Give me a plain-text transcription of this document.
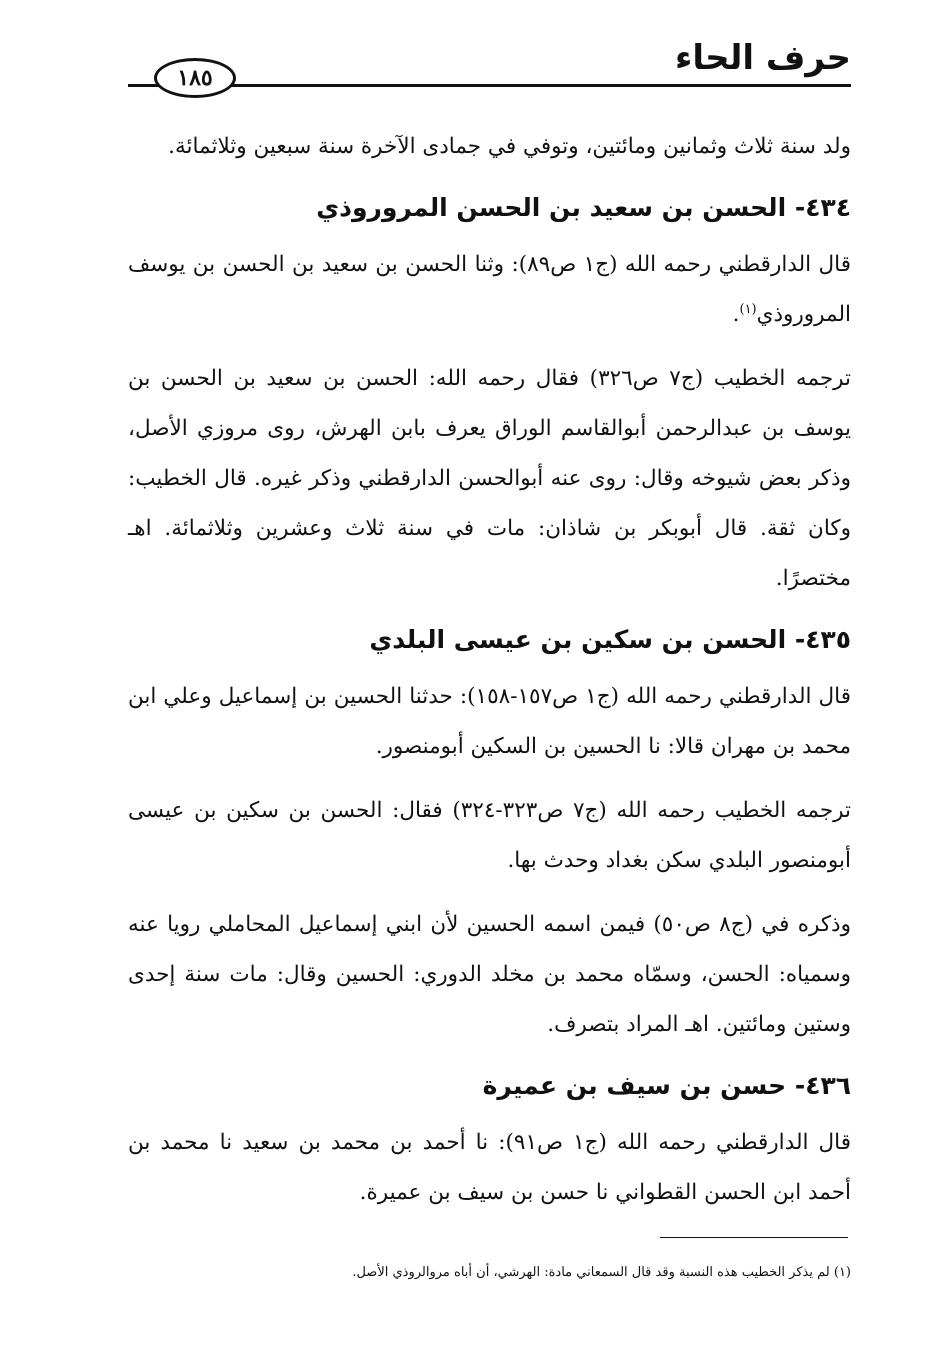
حرف الحاء
١٨٥

ولد سنة ثلاث وثمانين ومائتين، وتوفي في جمادى الآخرة سنة سبعين وثلاثمائة.

٤٣٤- الحسن بن سعيد بن الحسن المروروذي

قال الدارقطني رحمه الله (ج١ ص٨٩): وثنا الحسن بن سعيد بن الحسن بن يوسف المروروذي$^{(١)}$.

ترجمه الخطيب (ج٧ ص٣٢٦) فقال رحمه الله: الحسن بن سعيد بن الحسن بن يوسف بن عبدالرحمن أبوالقاسم الوراق يعرف بابن الهرش، روى مروزي الأصل، وذكر بعض شيوخه وقال: روى عنه أبوالحسن الدارقطني وذكر غيره. قال الخطيب: وكان ثقة. قال أبوبكر بن شاذان: مات في سنة ثلاث وعشرين وثلاثمائة. اهـ مختصرًا.

٤٣٥- الحسن بن سكين بن عيسى البلدي

قال الدارقطني رحمه الله (ج١ ص١٥٧-١٥٨): حدثنا الحسين بن إسماعيل وعلي ابن محمد بن مهران قالا: نا الحسين بن السكين أبومنصور.

ترجمه الخطيب رحمه الله (ج٧ ص٣٢٣-٣٢٤) فقال: الحسن بن سكين بن عيسى أبومنصور البلدي سكن بغداد وحدث بها.

وذكره في (ج٨ ص٥٠) فيمن اسمه الحسين لأن ابني إسماعيل المحاملي رويا عنه وسمياه: الحسن، وسمّاه محمد بن مخلد الدوري: الحسين وقال: مات سنة إحدى وستين ومائتين. اهـ المراد بتصرف.

٤٣٦- حسن بن سيف بن عميرة

قال الدارقطني رحمه الله (ج١ ص٩١): نا أحمد بن محمد بن سعيد نا محمد بن أحمد ابن الحسن القطواني نا حسن بن سيف بن عميرة.

(١) لم يذكر الخطيب هذه النسبة وقد قال السمعاني مادة: الهرشي، أن أباه مروالروذي الأصل.
